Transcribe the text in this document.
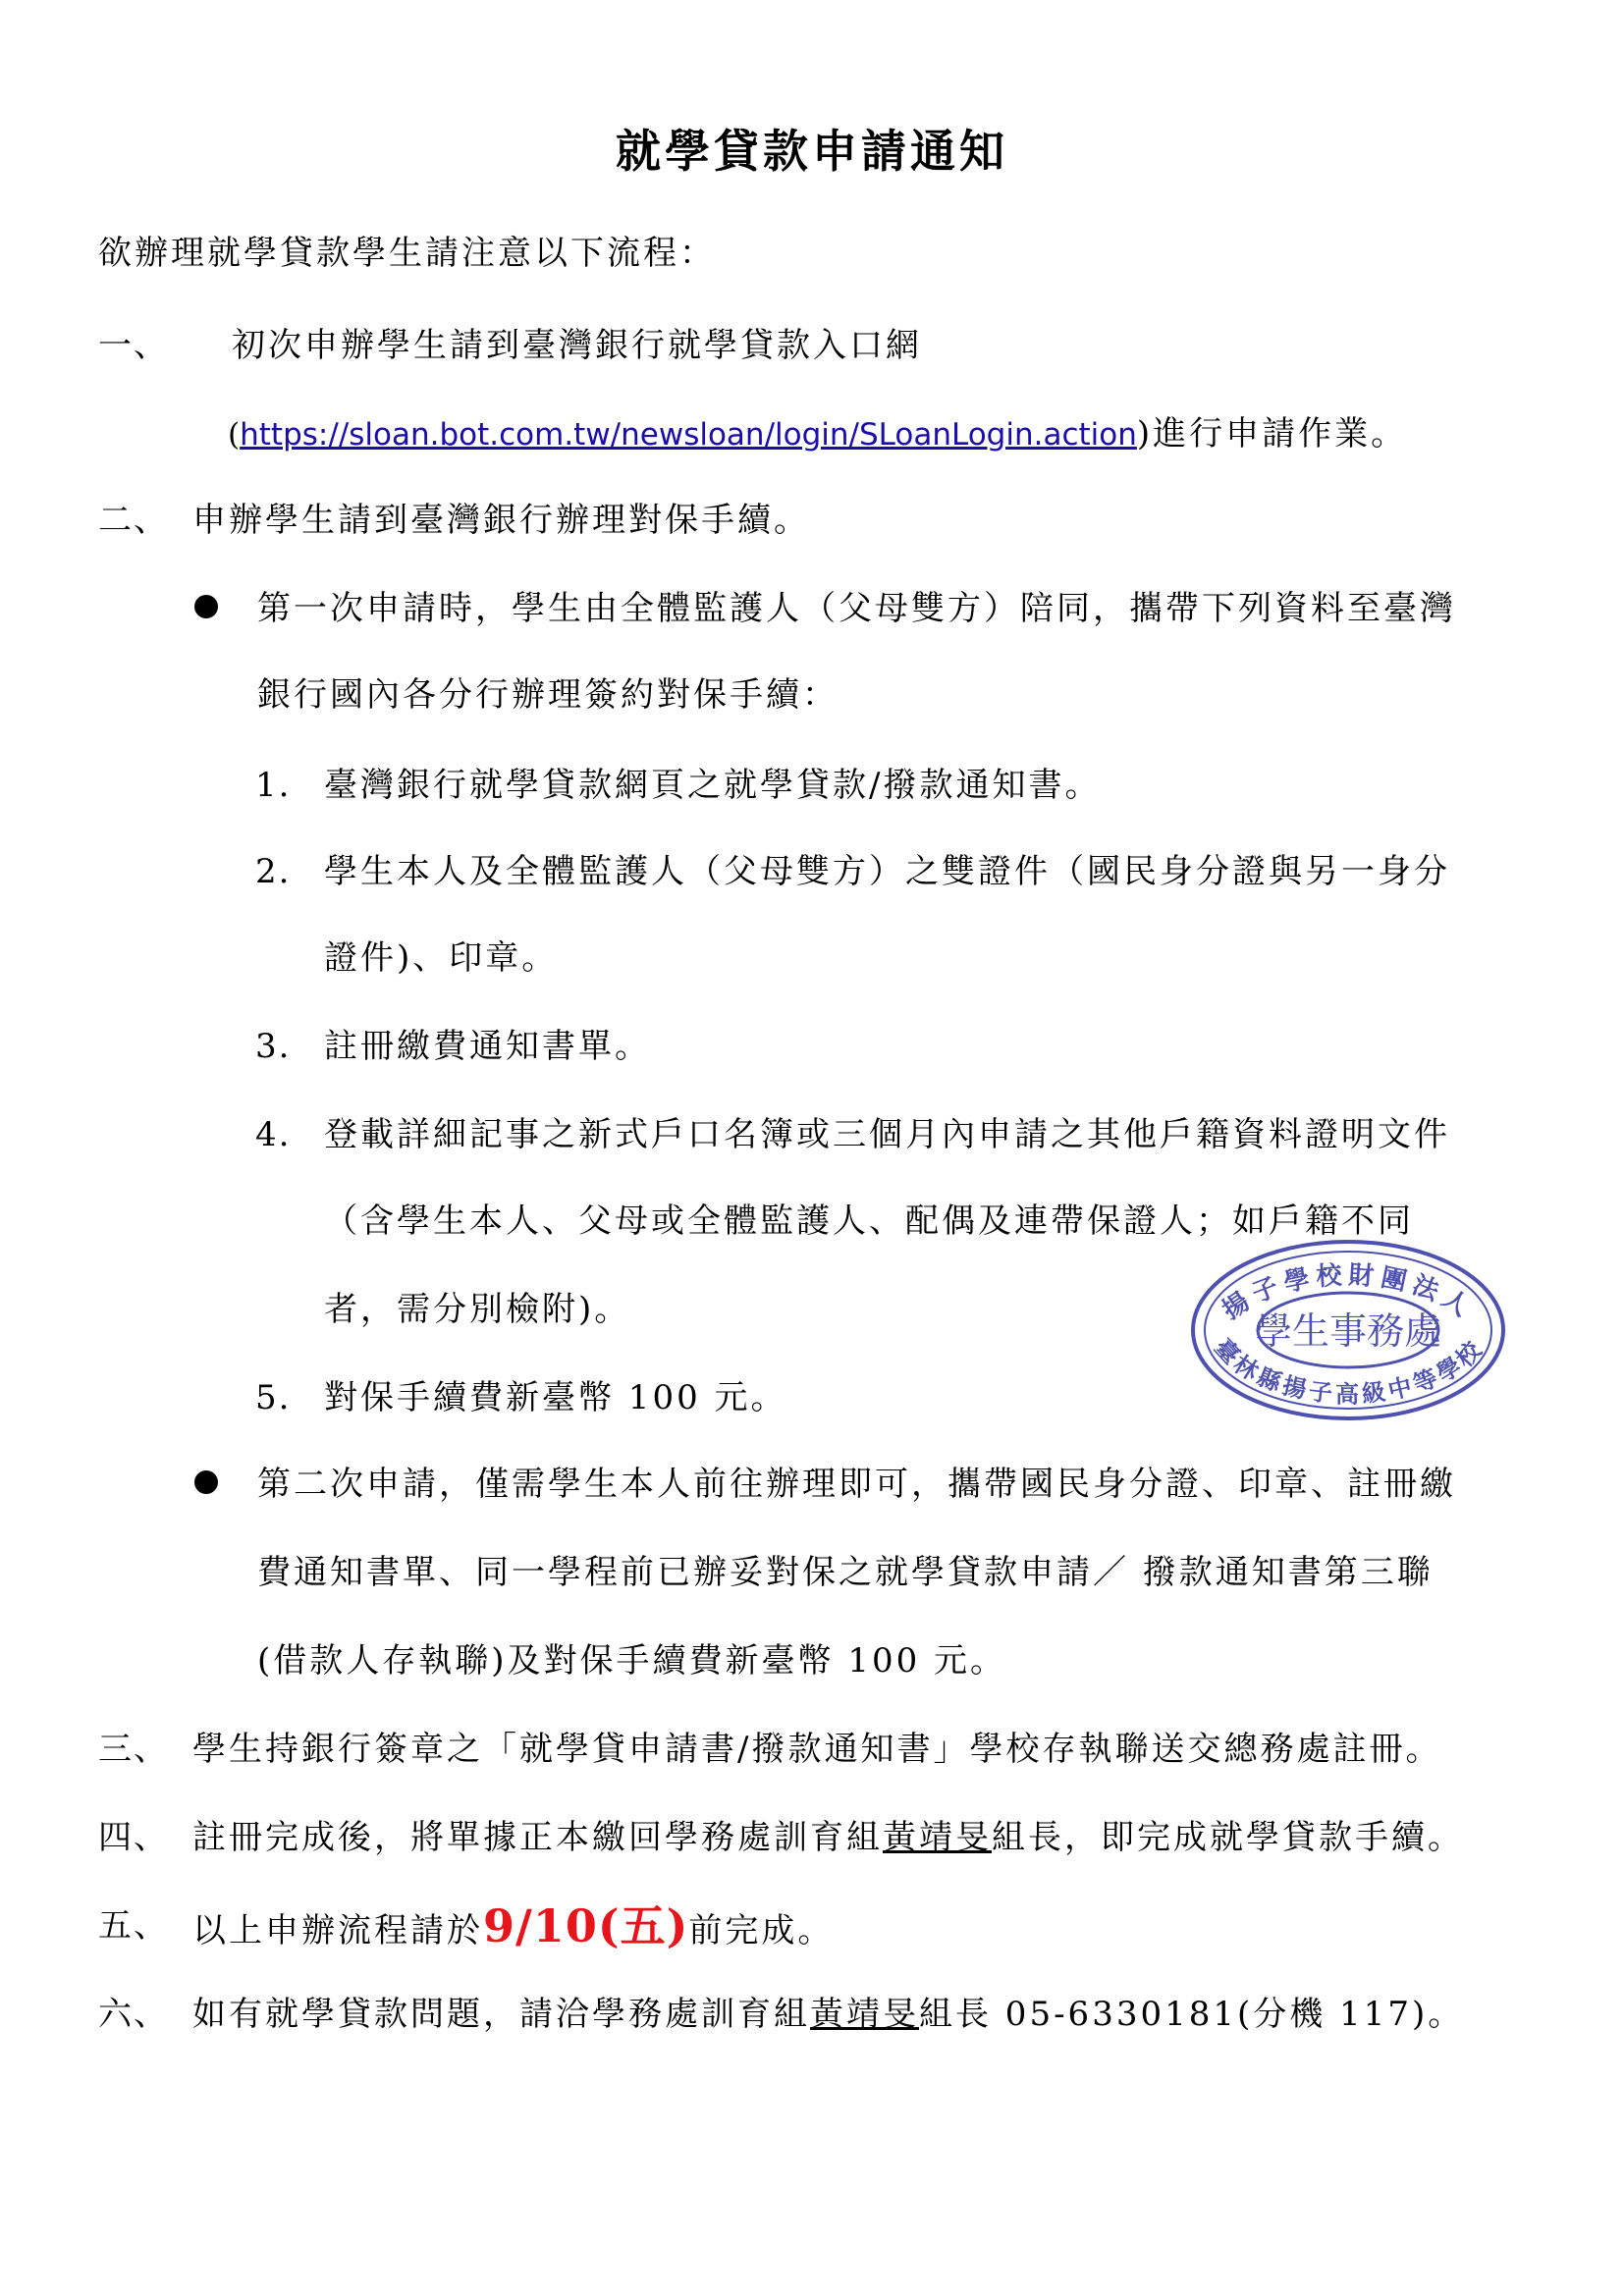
就學貸款申請通知
欲辦理就學貸款學生請注意以下流程：
一、 初次申辦學生請到臺灣銀行就學貸款入口網
(https://sloan.bot.com.tw/newsloan/login/SLoanLogin.action)進行申請作業。
二、 申辦學生請到臺灣銀行辦理對保手續。
第一次申請時，學生由全體監護人（父母雙方）陪同，攜帶下列資料至臺灣
銀行國內各分行辦理簽約對保手續：
1. 臺灣銀行就學貸款網頁之就學貸款/撥款通知書。
2. 學生本人及全體監護人（父母雙方）之雙證件（國民身分證與另一身分
證件)、印章。
3. 註冊繳費通知書單。
4. 登載詳細記事之新式戶口名簿或三個月內申請之其他戶籍資料證明文件
（含學生本人、父母或全體監護人、配偶及連帶保證人；如戶籍不同
者，需分別檢附)。
5. 對保手續費新臺幣 100 元。
第二次申請，僅需學生本人前往辦理即可，攜帶國民身分證、印章、註冊繳
費通知書單、同一學程前已辦妥對保之就學貸款申請／ 撥款通知書第三聯
(借款人存執聯)及對保手續費新臺幣 100 元。
三、 學生持銀行簽章之「就學貸申請書/撥款通知書」學校存執聯送交總務處註冊。
四、 註冊完成後，將單據正本繳回學務處訓育組黃靖旻組長，即完成就學貸款手續。
五、 以上申辦流程請於9/10(五)前完成。
六、 如有就學貸款問題，請洽學務處訓育組黃靖旻組長 05-6330181(分機 117)。
揚子學校財團法人
臺林縣揚子高級中等學校
學生事務處
